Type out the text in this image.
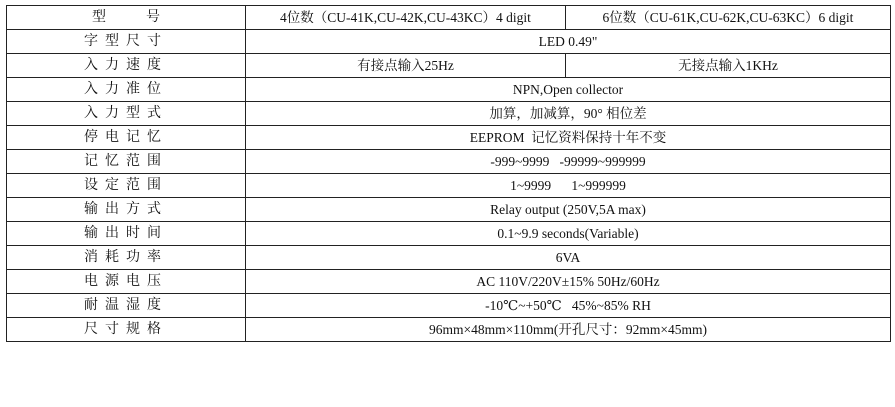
型 号	4位数（CU-41K,CU-42K,CU-43KC）4 digit	6位数（CU-61K,CU-62K,CU-63KC）6 digit
字型尺寸	LED 0.49"	
入力速度	有接点输入25Hz	无接点输入1KHz
入力准位	NPN,Open collector	
入力型式	加算，加减算，90° 相位差	
停电记忆	EEPROM  记忆资料保持十年不变	
记忆范围	-999~9999   -99999~999999	
设定范围	1~9999      1~999999	
输出方式	Relay output (250V,5A max)	
输出时间	0.1~9.9 seconds(Variable)	
消耗功率	6VA	
电源电压	AC 110V/220V±15% 50Hz/60Hz	
耐温湿度	-10℃~+50℃   45%~85% RH	
尺寸规格	96mm×48mm×110mm(开孔尺寸：92mm×45mm)	
